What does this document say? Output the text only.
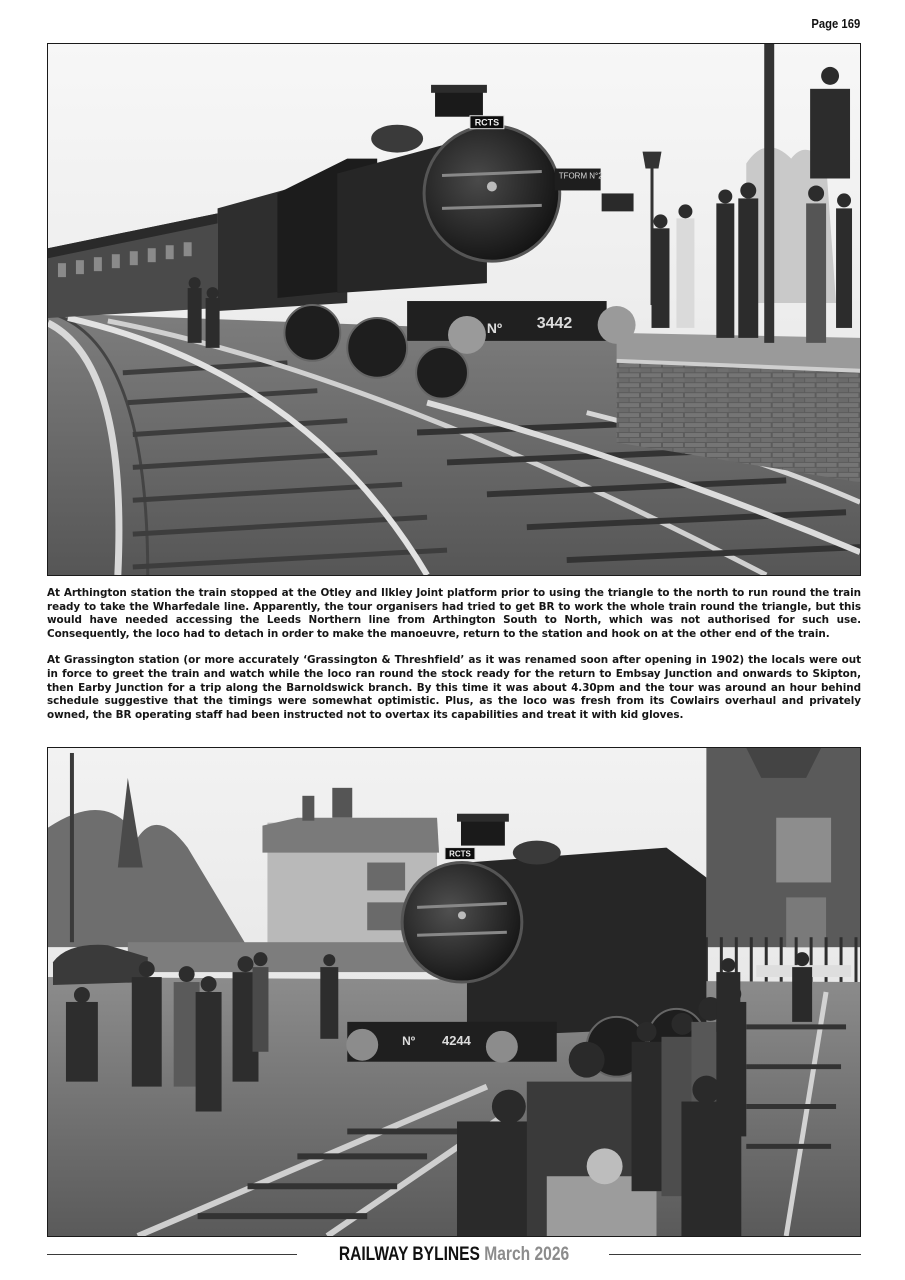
Page 169
RCTS
Nº 3442
TFORM N°2

At Arthington station the train stopped at the Otley and Ilkley Joint platform prior to using the triangle to the north to run round the train ready to take the Wharfedale line. Apparently, the tour organisers had tried to get BR to work the whole train round the triangle, but this would have needed accessing the Leeds Northern line from Arthington South to North, which was not authorised for such use. Consequently, the loco had to detach in order to make the manoeuvre, return to the station and hook on at the other end of the train.

At Grassington station (or more accurately ‘Grassington & Threshfield’ as it was renamed soon after opening in 1902) the locals were out in force to greet the train and watch while the loco ran round the stock ready for the return to Embsay Junction and onwards to Skipton, then Earby Junction for a trip along the Barnoldswick branch. By this time it was about 4.30pm and the tour was around an hour behind schedule suggestive that the timings were somewhat optimistic. Plus, as the loco was fresh from its Cowlairs overhaul and privately owned, the BR operating staff had been instructed not to overtax its capabilities and treat it with kid gloves.

RCTS
Nº 4244
RAILWAY BYLINES March 2026
